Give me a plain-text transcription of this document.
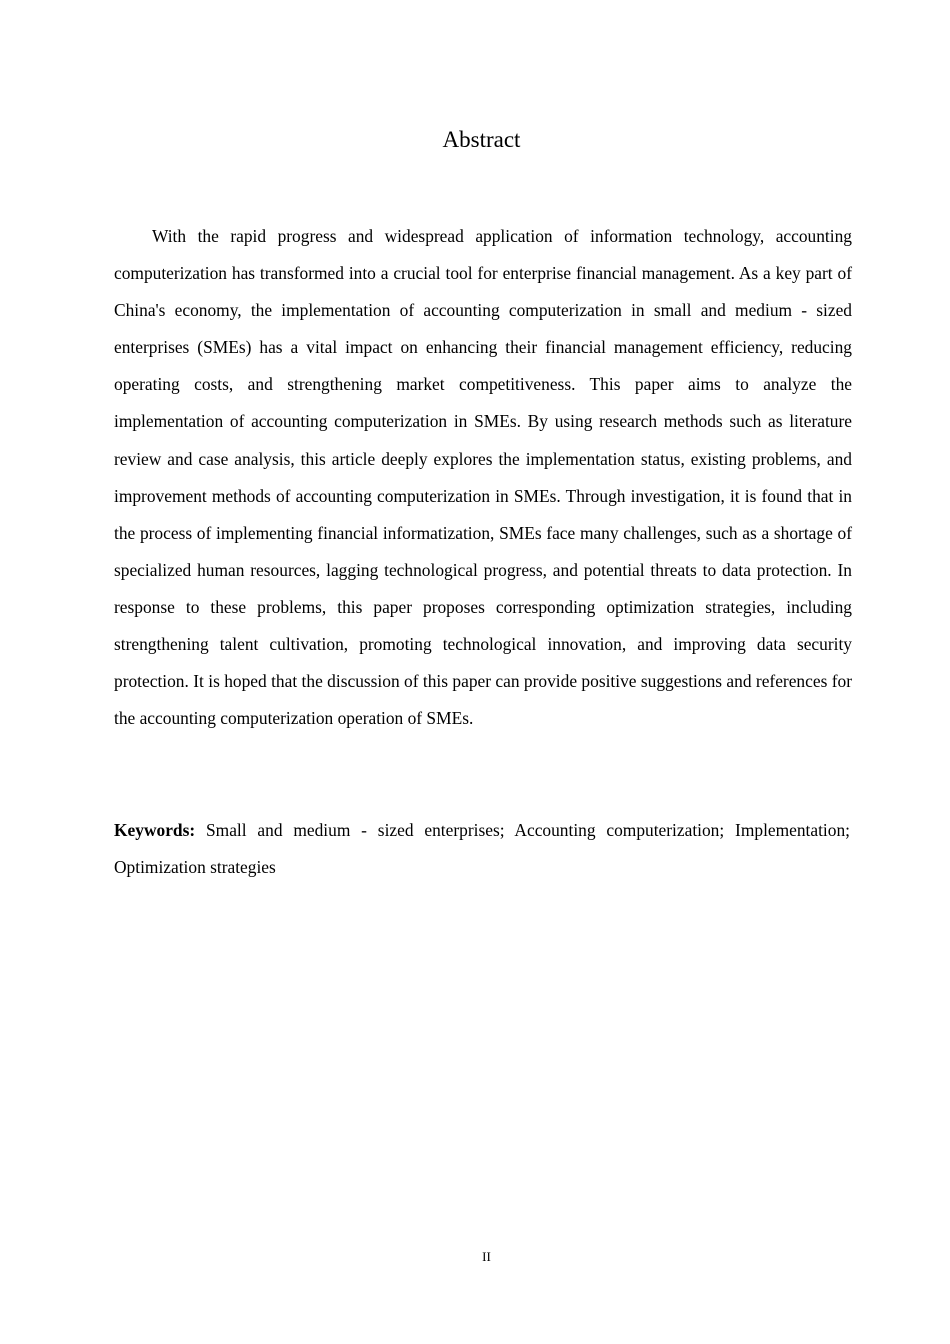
Abstract

With the rapid progress and widespread application of information technology, accounting computerization has transformed into a crucial tool for enterprise financial management. As a key part of China's economy, the implementation of accounting computerization in small and medium - sized enterprises (SMEs) has a vital impact on enhancing their financial management efficiency, reducing operating costs, and strengthening market competitiveness. This paper aims to analyze the implementation of accounting computerization in SMEs. By using research methods such as literature review and case analysis, this article deeply explores the implementation status, existing problems, and improvement methods of accounting computerization in SMEs. Through investigation, it is found that in the process of implementing financial informatization, SMEs face many challenges, such as a shortage of specialized human resources, lagging technological progress, and potential threats to data protection. In response to these problems, this paper proposes corresponding optimization strategies, including strengthening talent cultivation, promoting technological innovation, and improving data security protection. It is hoped that the discussion of this paper can provide positive suggestions and references for the accounting computerization operation of SMEs.

Keywords: Small and medium - sized enterprises; Accounting computerization; Implementation; Optimization strategies

II
